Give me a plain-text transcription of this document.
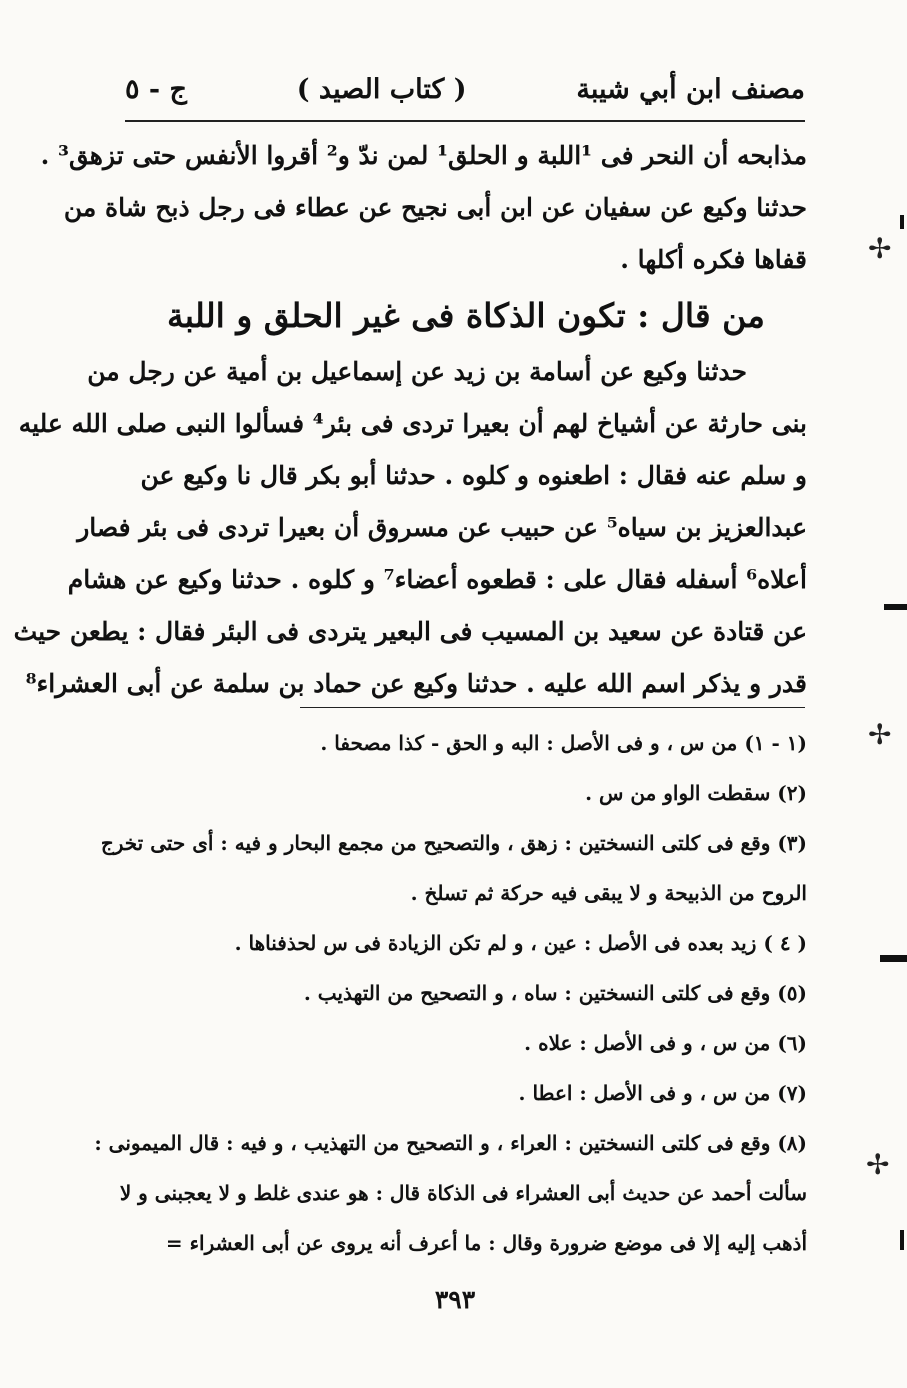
مصنف ابن أبي شيبة
( كتاب الصيد )
ج - ٥
مذابحه أن النحر فى ¹اللبة و الحلق¹ لمن ندّ و² أقروا الأنفس حتى تزهق³ .
حدثنا وكيع عن سفيان عن ابن أبى نجيح عن عطاء فى رجل ذبح شاة من
قفاها فكره أكلها .
من قال : تكون الذكاة فى غير الحلق و اللبة
حدثنا وكيع عن أسامة بن زيد عن إسماعيل بن أمية عن رجل من
بنى حارثة عن أشياخ لهم أن بعيرا تردى فى بئر⁴ فسألوا النبى صلى الله عليه
و سلم عنه فقال : اطعنوه و كلوه . حدثنا أبو بكر قال نا وكيع عن
عبدالعزيز بن سياه⁵ عن حبيب عن مسروق أن بعيرا تردى فى بئر فصار
أعلاه⁶ أسفله فقال على : قطعوه أعضاء⁷ و كلوه . حدثنا وكيع عن هشام
عن قتادة عن سعيد بن المسيب فى البعير يتردى فى البئر فقال : يطعن حيث
قدر و يذكر اسم الله عليه . حدثنا وكيع عن حماد بن سلمة عن أبى العشراء⁸
(١ - ١) من س ، و فى الأصل : البه و الحق - كذا مصحفا .
(٢) سقطت الواو من س .
(٣) وقع فى كلتى النسختين : زهق ، والتصحيح من مجمع البحار و فيه : أى حتى تخرج
الروح من الذبيحة و لا يبقى فيه حركة ثم تسلخ .
( ٤ ) زيد بعده فى الأصل : عين ، و لم تكن الزيادة فى س لحذفناها .
(٥) وقع فى كلتى النسختين : ساه ، و التصحيح من التهذيب .
(٦) من س ، و فى الأصل : علاه .
(٧) من س ، و فى الأصل : اعطا .
(٨) وقع فى كلتى النسختين : العراء ، و التصحيح من التهذيب ، و فيه : قال الميمونى :
سألت أحمد عن حديث أبى العشراء فى الذكاة قال : هو عندى غلط و لا يعجبنى و لا
أذهب إليه إلا فى موضع ضرورة وقال : ما أعرف أنه يروى عن أبى العشراء =
٣٩٣
✢
✢
✢
